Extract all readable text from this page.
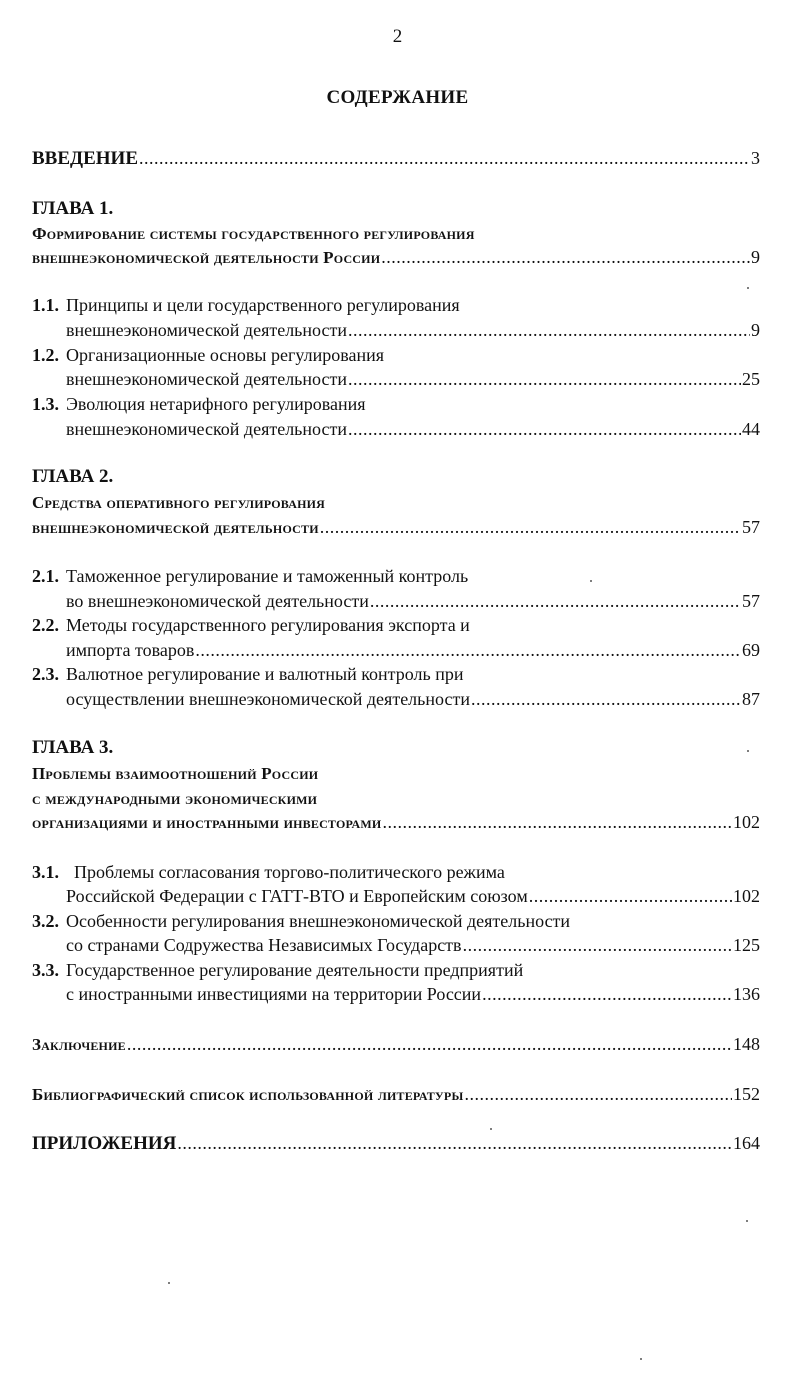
2
СОДЕРЖАНИЕ
ВВЕДЕНИЕ .....	3
ГЛАВА 1.
Формирование системы государственного регулирования
внешнеэкономической деятельности России .....	9
1.1. Принципы и цели государственного регулирования
внешнеэкономической деятельности .....	9
1.2. Организационные основы регулирования
внешнеэкономической деятельности .....	25
1.3. Эволюция нетарифного регулирования
внешнеэкономической деятельности .....	44
ГЛАВА 2.
Средства оперативного регулирования
внешнеэкономической деятельности .....	57
2.1. Таможенное регулирование и таможенный контроль
во внешнеэкономической деятельности .....	57
2.2. Методы государственного регулирования экспорта и
импорта товаров .....	69
2.3. Валютное регулирование и валютный контроль при
осуществлении внешнеэкономической деятельности .....	87
ГЛАВА 3.
Проблемы взаимоотношений России
с международными экономическими
организациями и иностранными инвесторами .....	102
3.1. Проблемы согласования торгово-политического режима
Российской Федерации с ГАТТ-ВТО и Европейским союзом .....	102
3.2. Особенности регулирования внешнеэкономической деятельности
со странами Содружества Независимых Государств .....	125
3.3. Государственное регулирование деятельности предприятий
с иностранными инвестициями на территории России .....	136
Заключение .....	148
Библиографический список использованной литературы .....	152
ПРИЛОЖЕНИЯ .....	164
